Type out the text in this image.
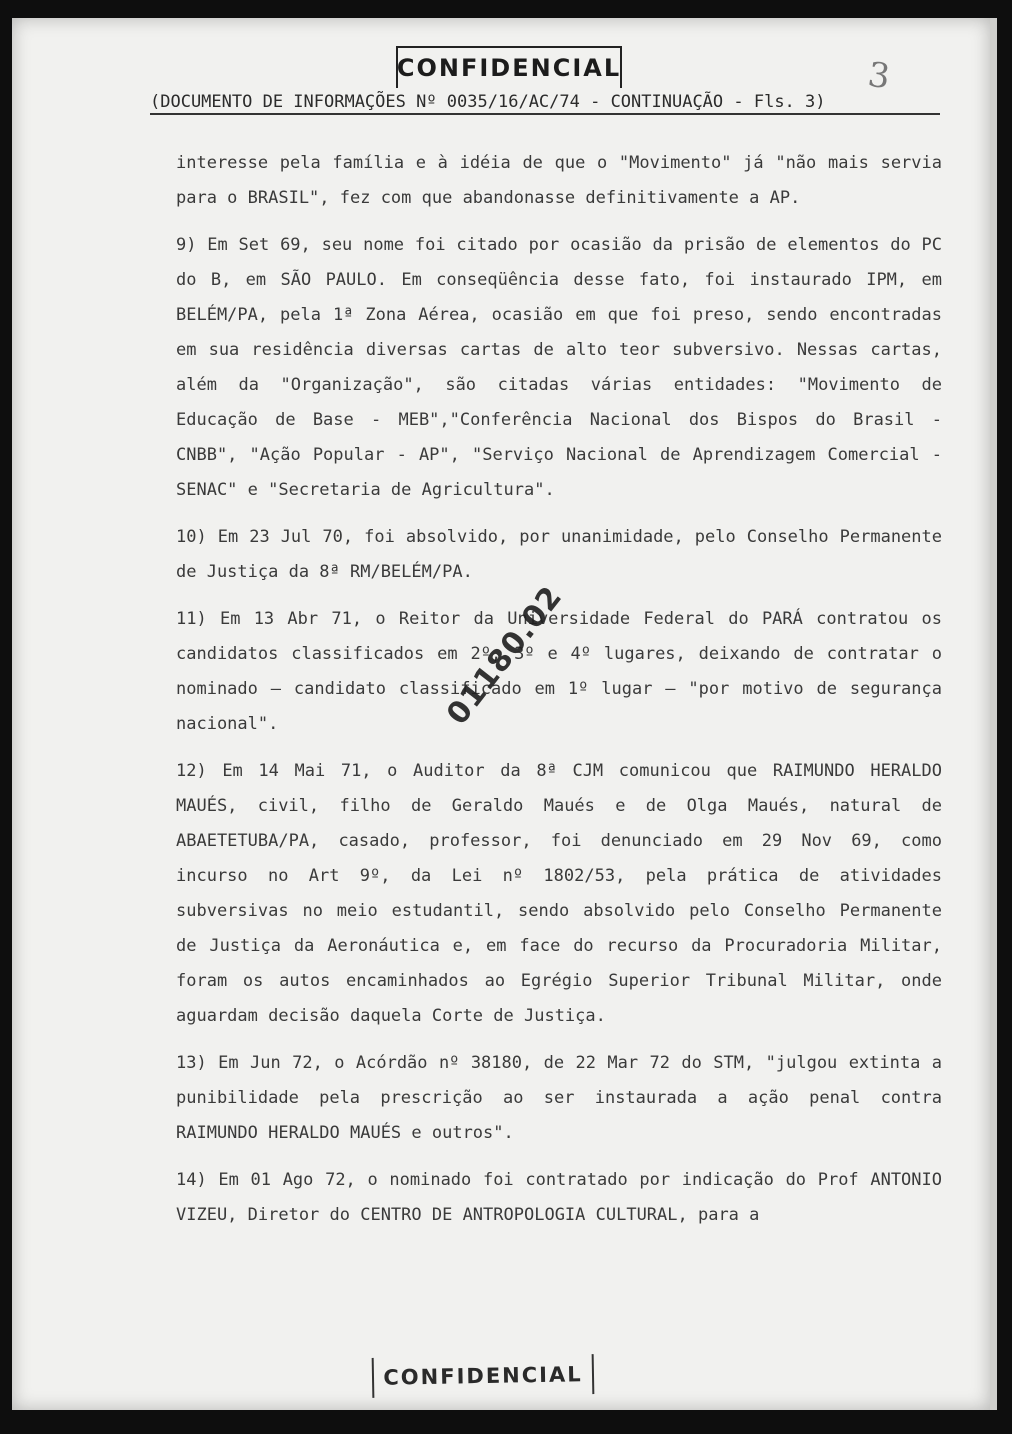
CONFIDENCIAL	3
(DOCUMENTO DE INFORMAÇÕES Nº 0035/16/AC/74 - CONTINUAÇÃO - Fls. 3)

interesse pela família e à idéia de que o "Movimento" já "não mais servia para o BRASIL", fez com que abandonasse definitivamente a AP.

9) Em Set 69, seu nome foi citado por ocasião da prisão de elementos do PC do B, em SÃO PAULO. Em conseqüência desse fato, foi instaurado IPM, em BELÉM/PA, pela 1ª Zona Aérea, ocasião em que foi preso, sendo encontradas em sua residência diversas cartas de alto teor subversivo. Nessas cartas, além da "Organização", são citadas várias entidades: "Movimento de Educação de Base - MEB","Conferência Nacional dos Bispos do Brasil - CNBB", "Ação Popular - AP", "Serviço Nacional de Aprendizagem Comercial - SENAC" e "Secretaria de Agricultura".

10) Em 23 Jul 70, foi absolvido, por unanimidade, pelo Conselho Permanente de Justiça da 8ª RM/BELÉM/PA.

11) Em 13 Abr 71, o Reitor da Universidade Federal do PARÁ contratou os candidatos classificados em 2º, 3º e 4º lugares, deixando de contratar o nominado — candidato classificado em 1º lugar — "por motivo de segurança nacional".

12) Em 14 Mai 71, o Auditor da 8ª CJM comunicou que RAIMUNDO HERALDO MAUÉS, civil, filho de Geraldo Maués e de Olga Maués, natural de ABAETETUBA/PA, casado, professor, foi denunciado em 29 Nov 69, como incurso no Art 9º, da Lei nº 1802/53, pela prática de atividades subversivas no meio estudantil, sendo absolvido pelo Conselho Permanente de Justiça da Aeronáutica e, em face do recurso da Procuradoria Militar, foram os autos encaminhados ao Egrégio Superior Tribunal Militar, onde aguardam decisão daquela Corte de Justiça.

13) Em Jun 72, o Acórdão nº 38180, de 22 Mar 72 do STM, "julgou extinta a punibilidade pela prescrição ao ser instaurada a ação penal contra RAIMUNDO HERALDO MAUÉS e outros".

14) Em 01 Ago 72, o nominado foi contratado por indicação do Prof ANTONIO VIZEU, Diretor do CENTRO DE ANTROPOLOGIA CULTURAL, para a

01180.02
CONFIDENCIAL
